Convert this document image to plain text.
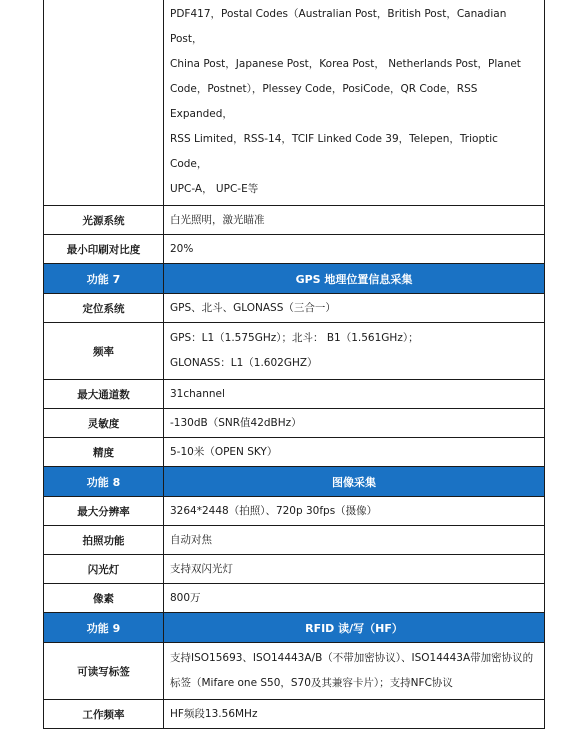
	PDF417，Postal Codes（Australian Post，British Post，Canadian Post，
China Post，Japanese Post，Korea Post， Netherlands Post，Planet
Code，Postnet），Plessey Code，PosiCode，QR Code，RSS Expanded，
RSS Limited，RSS-14，TCIF Linked Code 39，Telepen，Trioptic Code，
UPC-A， UPC-E等

光源系统	白光照明，激光瞄准
最小印刷对比度	20%
功能 7	GPS 地理位置信息采集
定位系统	GPS、北斗、GLONASS（三合一）
频率	GPS：L1（1.575GHz）；北斗： B1（1.561GHz）；
GLONASS：L1（1.602GHZ）

最大通道数	31channel
灵敏度	-130dB（SNR值42dBHz）
精度	5-10米（OPEN SKY）
功能 8	图像采集
最大分辨率	3264*2448（拍照）、720p 30fps（摄像）
拍照功能	自动对焦
闪光灯	支持双闪光灯
像素	800万
功能 9	RFID 读/写（HF）
可读写标签	支持ISO15693、ISO14443A/B（不带加密协议）、ISO14443A带加密协议的
标签（Mifare one S50，S70及其兼容卡片）；支持NFC协议

工作频率	HF频段13.56MHz
